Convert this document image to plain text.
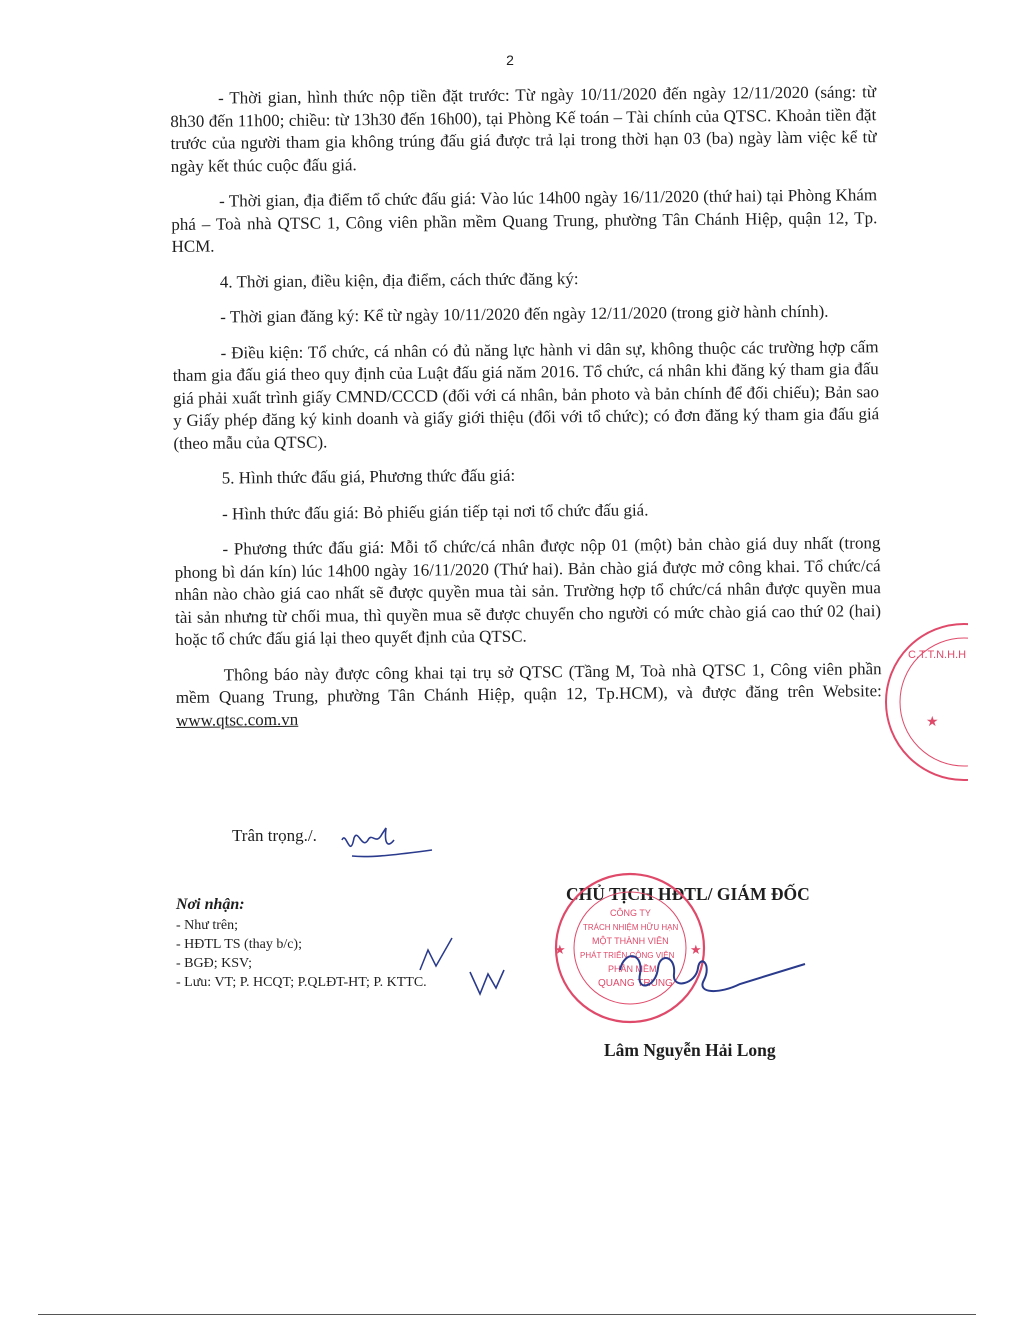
2

- Thời gian, hình thức nộp tiền đặt trước: Từ ngày 10/11/2020 đến ngày 12/11/2020 (sáng: từ 8h30 đến 11h00; chiều: từ 13h30 đến 16h00), tại Phòng Kế toán – Tài chính của QTSC. Khoản tiền đặt trước của người tham gia không trúng đấu giá được trả lại trong thời hạn 03 (ba) ngày làm việc kể từ ngày kết thúc cuộc đấu giá.

- Thời gian, địa điểm tổ chức đấu giá: Vào lúc 14h00 ngày 16/11/2020 (thứ hai) tại Phòng Khám phá – Toà nhà QTSC 1, Công viên phần mềm Quang Trung, phường Tân Chánh Hiệp, quận 12, Tp. HCM.

4. Thời gian, điều kiện, địa điểm, cách thức đăng ký:

- Thời gian đăng ký: Kể từ ngày 10/11/2020 đến ngày 12/11/2020 (trong giờ hành chính).

- Điều kiện: Tổ chức, cá nhân có đủ năng lực hành vi dân sự, không thuộc các trường hợp cấm tham gia đấu giá theo quy định của Luật đấu giá năm 2016. Tổ chức, cá nhân khi đăng ký tham gia đấu giá phải xuất trình giấy CMND/CCCD (đối với cá nhân, bản photo và bản chính để đối chiếu); Bản sao y Giấy phép đăng ký kinh doanh và giấy giới thiệu (đối với tổ chức); có đơn đăng ký tham gia đấu giá (theo mẫu của QTSC).

5. Hình thức đấu giá, Phương thức đấu giá:

- Hình thức đấu giá: Bỏ phiếu gián tiếp tại nơi tổ chức đấu giá.

- Phương thức đấu giá: Mỗi tổ chức/cá nhân được nộp 01 (một) bản chào giá duy nhất (trong phong bì dán kín) lúc 14h00 ngày 16/11/2020 (Thứ hai). Bản chào giá được mở công khai. Tổ chức/cá nhân nào chào giá cao nhất sẽ được quyền mua tài sản. Trường hợp tổ chức/cá nhân được quyền mua tài sản nhưng từ chối mua, thì quyền mua sẽ được chuyển cho người có mức chào giá cao thứ 02 (hai) hoặc tổ chức đấu giá lại theo quyết định của QTSC.

Thông báo này được công khai tại trụ sở QTSC (Tầng M, Toà nhà QTSC 1, Công viên phần mềm Quang Trung, phường Tân Chánh Hiệp, quận 12, Tp.HCM), và được đăng trên Website: www.qtsc.com.vn

Trân trọng./.
Nơi nhận:
- Như trên;
- HĐTL TS (thay b/c);
- BGĐ; KSV;
- Lưu: VT; P. HCQT; P.QLĐT-HT; P. KTTC.
C.T.T.N.H.H
★
CHỦ TỊCH HĐTL/ GIÁM ĐỐC
★	★
CÔNG TY
TRÁCH NHIỆM HỮU HẠN
MỘT THÀNH VIÊN
PHÁT TRIỂN CÔNG VIÊN
PHẦN MỀM
QUANG TRUNG
Lâm Nguyễn Hải Long
